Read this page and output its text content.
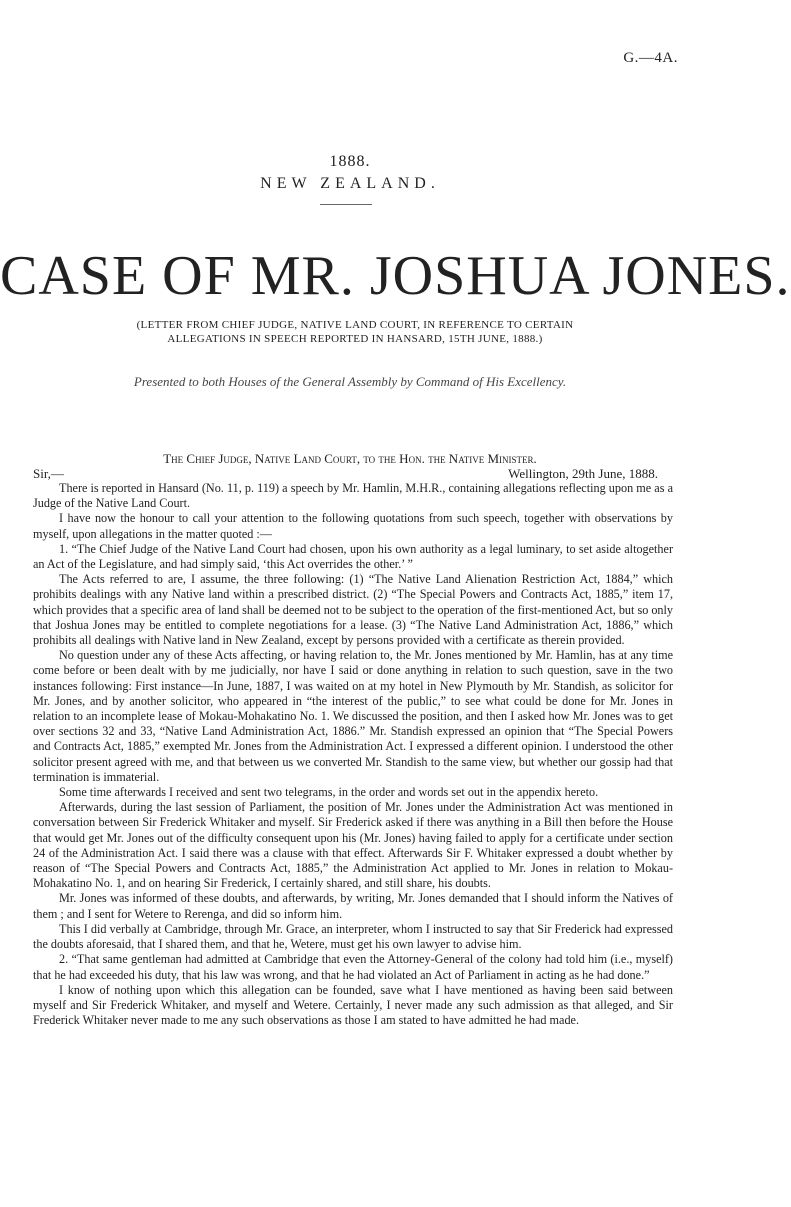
G.—4A.
1888.
NEW ZEALAND.
CASE OF MR. JOSHUA JONES.
(LETTER FROM CHIEF JUDGE, NATIVE LAND COURT, IN REFERENCE TO CERTAIN ALLEGATIONS IN SPEECH REPORTED IN HANSARD, 15TH JUNE, 1888.)
Presented to both Houses of the General Assembly by Command of His Excellency.
The Chief Judge, Native Land Court, to the Hon. the Native Minister.
Sir,—	Wellington, 29th June, 1888.

There is reported in Hansard (No. 11, p. 119) a speech by Mr. Hamlin, M.H.R., containing allegations reflecting upon me as a Judge of the Native Land Court.

I have now the honour to call your attention to the following quotations from such speech, together with observations by myself, upon allegations in the matter quoted :—

1. “The Chief Judge of the Native Land Court had chosen, upon his own authority as a legal luminary, to set aside altogether an Act of the Legislature, and had simply said, ‘this Act overrides the other.’ ”

The Acts referred to are, I assume, the three following: (1) “The Native Land Alienation Restriction Act, 1884,” which prohibits dealings with any Native land within a prescribed district. (2) “The Special Powers and Contracts Act, 1885,” item 17, which provides that a specific area of land shall be deemed not to be subject to the operation of the first-mentioned Act, but so only that Joshua Jones may be entitled to complete negotiations for a lease. (3) “The Native Land Administration Act, 1886,” which prohibits all dealings with Native land in New Zealand, except by persons provided with a certificate as therein provided.

No question under any of these Acts affecting, or having relation to, the Mr. Jones mentioned by Mr. Hamlin, has at any time come before or been dealt with by me judicially, nor have I said or done anything in relation to such question, save in the two instances following: First instance—In June, 1887, I was waited on at my hotel in New Plymouth by Mr. Standish, as solicitor for Mr. Jones, and by another solicitor, who appeared in “the interest of the public,” to see what could be done for Mr. Jones in relation to an incomplete lease of Mokau-Mohakatino No. 1. We discussed the position, and then I asked how Mr. Jones was to get over sections 32 and 33, “Native Land Administration Act, 1886.” Mr. Standish expressed an opinion that “The Special Powers and Contracts Act, 1885,” exempted Mr. Jones from the Administration Act. I expressed a different opinion. I understood the other solicitor present agreed with me, and that between us we converted Mr. Standish to the same view, but whether our gossip had that termination is immaterial.

Some time afterwards I received and sent two telegrams, in the order and words set out in the appendix hereto.

Afterwards, during the last session of Parliament, the position of Mr. Jones under the Administration Act was mentioned in conversation between Sir Frederick Whitaker and myself. Sir Frederick asked if there was anything in a Bill then before the House that would get Mr. Jones out of the difficulty consequent upon his (Mr. Jones) having failed to apply for a certificate under section 24 of the Administration Act. I said there was a clause with that effect. Afterwards Sir F. Whitaker expressed a doubt whether by reason of “The Special Powers and Contracts Act, 1885,” the Administration Act applied to Mr. Jones in relation to Mokau-Mohakatino No. 1, and on hearing Sir Frederick, I certainly shared, and still share, his doubts.

Mr. Jones was informed of these doubts, and afterwards, by writing, Mr. Jones demanded that I should inform the Natives of them ; and I sent for Wetere to Rerenga, and did so inform him.

This I did verbally at Cambridge, through Mr. Grace, an interpreter, whom I instructed to say that Sir Frederick had expressed the doubts aforesaid, that I shared them, and that he, Wetere, must get his own lawyer to advise him.

2. “That same gentleman had admitted at Cambridge that even the Attorney-General of the colony had told him (i.e., myself) that he had exceeded his duty, that his law was wrong, and that he had violated an Act of Parliament in acting as he had done.”

I know of nothing upon which this allegation can be founded, save what I have mentioned as having been said between myself and Sir Frederick Whitaker, and myself and Wetere. Certainly, I never made any such admission as that alleged, and Sir Frederick Whitaker never made to me any such observations as those I am stated to have admitted he had made.
